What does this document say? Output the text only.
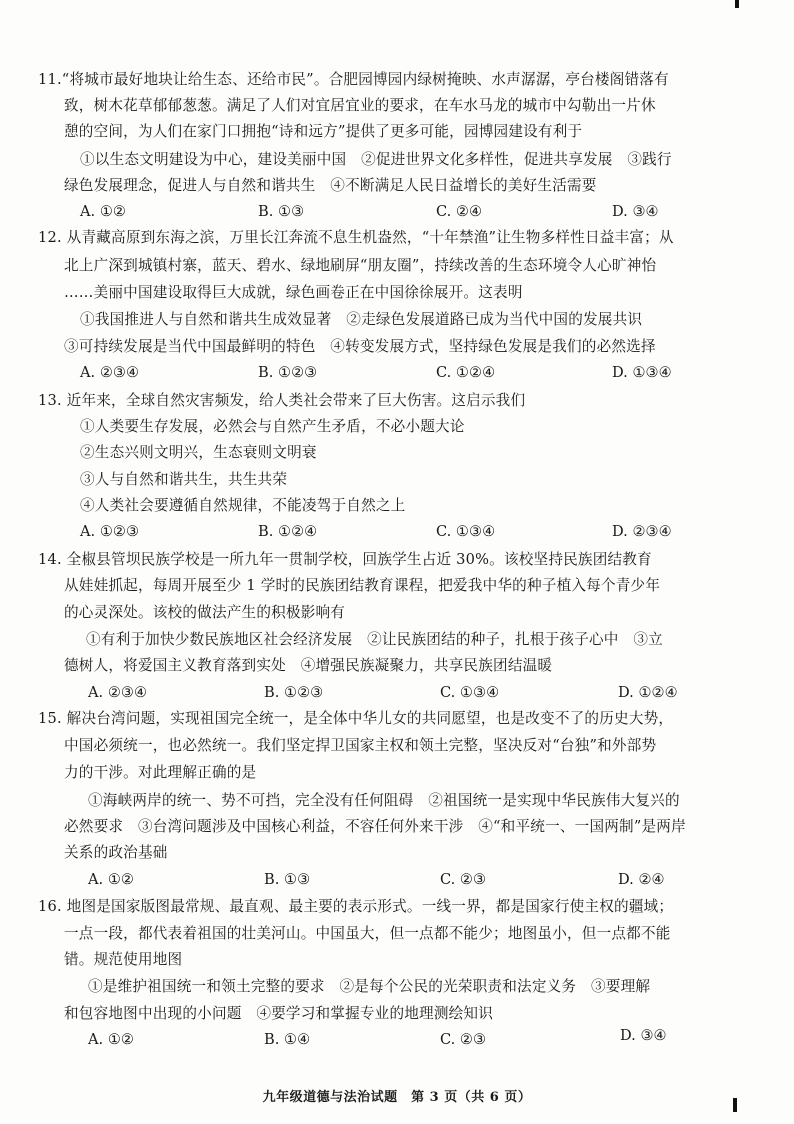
11.“将城市最好地块让给生态、还给市民”。合肥园博园内绿树掩映、水声潺潺，亭台楼阁错落有
致，树木花草郁郁葱葱。满足了人们对宜居宜业的要求，在车水马龙的城市中勾勒出一片休
憩的空间，为人们在家门口拥抱“诗和远方”提供了更多可能，园博园建设有利于
①以生态文明建设为中心，建设美丽中国　②促进世界文化多样性，促进共享发展　③践行
绿色发展理念，促进人与自然和谐共生　④不断满足人民日益增长的美好生活需要
A. ①②	B. ①③	C. ②④	D. ③④
12. 从青藏高原到东海之滨，万里长江奔流不息生机盎然，“十年禁渔”让生物多样性日益丰富；从
北上广深到城镇村寨，蓝天、碧水、绿地刷屏“朋友圈”，持续改善的生态环境令人心旷神怡
……美丽中国建设取得巨大成就，绿色画卷正在中国徐徐展开。这表明
①我国推进人与自然和谐共生成效显著　②走绿色发展道路已成为当代中国的发展共识
③可持续发展是当代中国最鲜明的特色　④转变发展方式，坚持绿色发展是我们的必然选择
A. ②③④	B. ①②③	C. ①②④	D. ①③④
13. 近年来，全球自然灾害频发，给人类社会带来了巨大伤害。这启示我们
①人类要生存发展，必然会与自然产生矛盾，不必小题大论
②生态兴则文明兴，生态衰则文明衰
③人与自然和谐共生，共生共荣
④人类社会要遵循自然规律，不能凌驾于自然之上
A. ①②③	B. ①②④	C. ①③④	D. ②③④
14. 全椒县管坝民族学校是一所九年一贯制学校，回族学生占近 30%。该校坚持民族团结教育
从娃娃抓起，每周开展至少 1 学时的民族团结教育课程，把爱我中华的种子植入每个青少年
的心灵深处。该校的做法产生的积极影响有
①有利于加快少数民族地区社会经济发展　②让民族团结的种子，扎根于孩子心中　③立
德树人，将爱国主义教育落到实处　④增强民族凝聚力，共享民族团结温暖
A. ②③④	B. ①②③	C. ①③④	D. ①②④
15. 解决台湾问题，实现祖国完全统一，是全体中华儿女的共同愿望，也是改变不了的历史大势，
中国必须统一，也必然统一。我们坚定捍卫国家主权和领土完整，坚决反对“台独”和外部势
力的干涉。对此理解正确的是
①海峡两岸的统一、势不可挡，完全没有任何阻碍　②祖国统一是实现中华民族伟大复兴的
必然要求　③台湾问题涉及中国核心利益，不容任何外来干涉　④“和平统一、一国两制”是两岸
关系的政治基础
A. ①②	B. ①③	C. ②③	D. ②④
16. 地图是国家版图最常规、最直观、最主要的表示形式。一线一界，都是国家行使主权的疆域；
一点一段，都代表着祖国的壮美河山。中国虽大，但一点都不能少；地图虽小，但一点都不能
错。规范使用地图
①是维护祖国统一和领土完整的要求　②是每个公民的光荣职责和法定义务　③要理解
和包容地图中出现的小问题　④要学习和掌握专业的地理测绘知识
A. ①②	B. ①④	C. ②③	D. ③④
九年级道德与法治试题　第 3 页（共 6 页）
